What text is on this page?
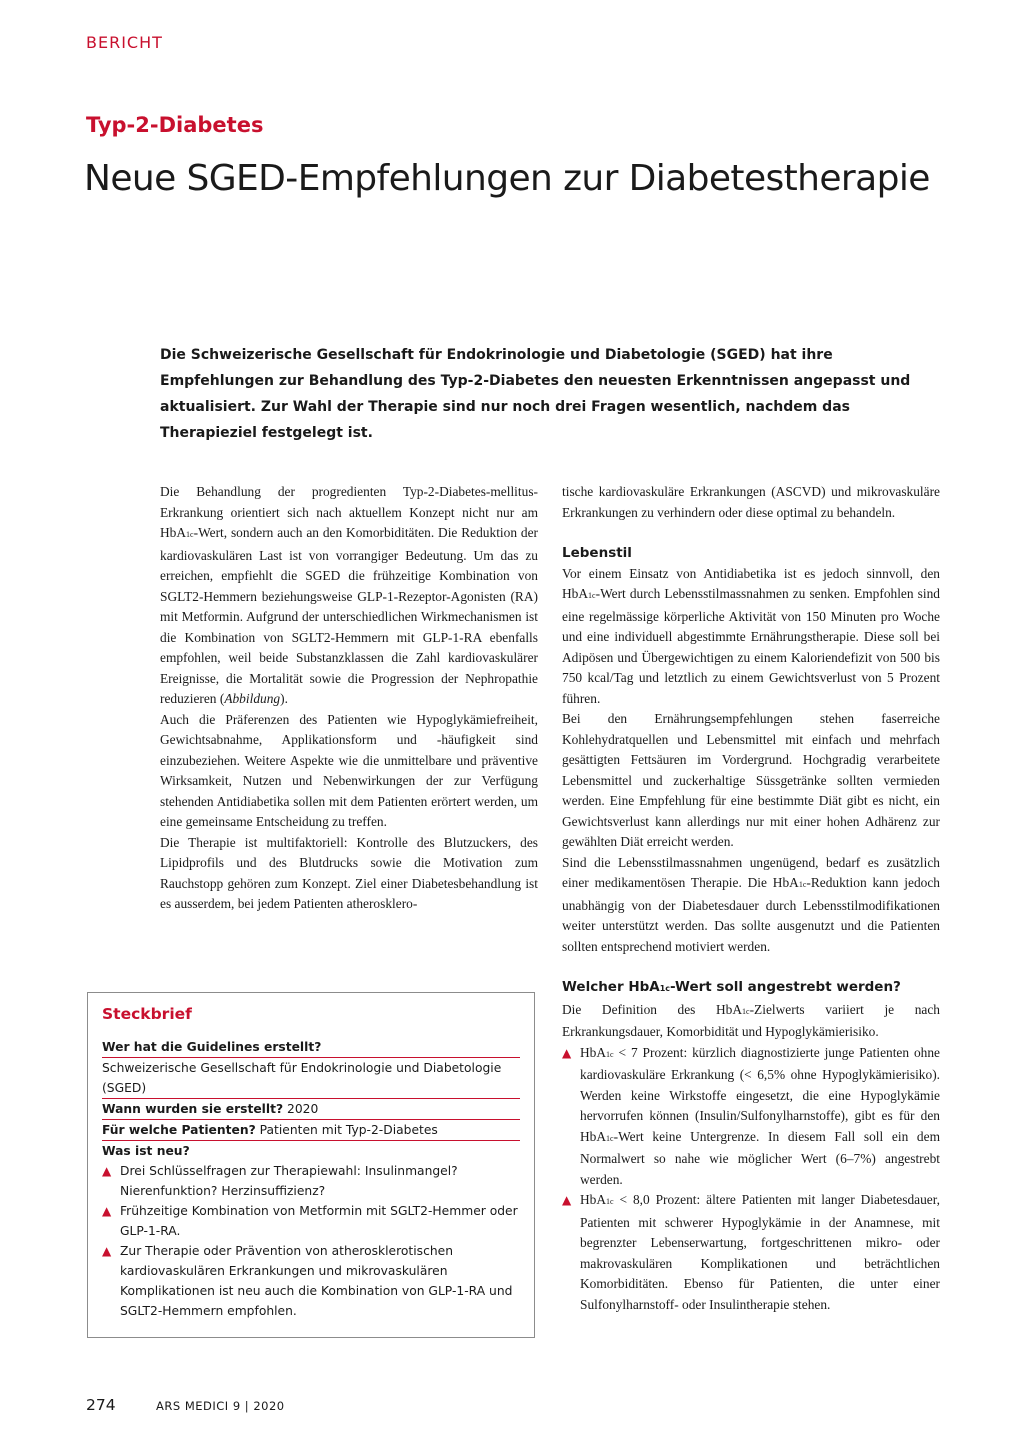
BERICHT
Typ-2-Diabetes
Neue SGED-Empfehlungen zur Diabetestherapie

Die Schweizerische Gesellschaft für Endokrinologie und Diabetologie (SGED) hat ihre Empfehlungen zur Behandlung des Typ-2-Diabetes den neuesten Erkenntnissen angepasst und aktualisiert. Zur Wahl der Therapie sind nur noch drei Fragen wesentlich, nachdem das Therapieziel festgelegt ist.

Die Behandlung der progredienten Typ-2-Diabetes-mellitus-Erkrankung orientiert sich nach aktuellem Konzept nicht nur am HbA1c-Wert, sondern auch an den Komorbiditäten. Die Reduktion der kardiovaskulären Last ist von vorrangiger Bedeutung. Um das zu erreichen, empfiehlt die SGED die frühzeitige Kombination von SGLT2-Hemmern beziehungsweise GLP-1-Rezeptor-Agonisten (RA) mit Metformin. Aufgrund der unterschiedlichen Wirkmechanismen ist die Kombination von SGLT2-Hemmern mit GLP-1-RA ebenfalls empfohlen, weil beide Substanzklassen die Zahl kardiovaskulärer Ereignisse, die Mortalität sowie die Progression der Nephropathie reduzieren (Abbildung).

Auch die Präferenzen des Patienten wie Hypoglykämiefreiheit, Gewichtsabnahme, Applikationsform und -häufigkeit sind einzubeziehen. Weitere Aspekte wie die unmittelbare und präventive Wirksamkeit, Nutzen und Nebenwirkungen der zur Verfügung stehenden Antidiabetika sollen mit dem Patienten erörtert werden, um eine gemeinsame Entscheidung zu treffen.

Die Therapie ist multifaktoriell: Kontrolle des Blutzuckers, des Lipidprofils und des Blutdrucks sowie die Motivation zum Rauchstopp gehören zum Konzept. Ziel einer Diabetesbehandlung ist es ausserdem, bei jedem Patienten atherosklero-

tische kardiovaskuläre Erkrankungen (ASCVD) und mikrovaskuläre Erkrankungen zu verhindern oder diese optimal zu behandeln.

Lebenstil

Vor einem Einsatz von Antidiabetika ist es jedoch sinnvoll, den HbA1c-Wert durch Lebensstilmassnahmen zu senken. Empfohlen sind eine regelmässige körperliche Aktivität von 150 Minuten pro Woche und eine individuell abgestimmte Ernährungstherapie. Diese soll bei Adipösen und Übergewichtigen zu einem Kaloriendefizit von 500 bis 750 kcal/Tag und letztlich zu einem Gewichtsverlust von 5 Prozent führen.

Bei den Ernährungsempfehlungen stehen faserreiche Kohlehydratquellen und Lebensmittel mit einfach und mehrfach gesättigten Fettsäuren im Vordergrund. Hochgradig verarbeitete Lebensmittel und zuckerhaltige Süssgetränke sollten vermieden werden. Eine Empfehlung für eine bestimmte Diät gibt es nicht, ein Gewichtsverlust kann allerdings nur mit einer hohen Adhärenz zur gewählten Diät erreicht werden.

Sind die Lebensstilmassnahmen ungenügend, bedarf es zusätzlich einer medikamentösen Therapie. Die HbA1c-Reduktion kann jedoch unabhängig von der Diabetesdauer durch Lebensstilmodifikationen weiter unterstützt werden. Das sollte ausgenutzt und die Patienten sollten entsprechend motiviert werden.

Welcher HbA1c-Wert soll angestrebt werden?

Die Definition des HbA1c-Zielwerts variiert je nach Erkrankungsdauer, Komorbidität und Hypoglykämierisiko.

▲ HbA1c < 7 Prozent: kürzlich diagnostizierte junge Patienten ohne kardiovaskuläre Erkrankung (< 6,5% ohne Hypoglykämierisiko). Werden keine Wirkstoffe eingesetzt, die eine Hypoglykämie hervorrufen können (Insulin/Sulfonylharnstoffe), gibt es für den HbA1c-Wert keine Untergrenze. In diesem Fall soll ein dem Normalwert so nahe wie möglicher Wert (6–7%) angestrebt werden.
▲ HbA1c < 8,0 Prozent: ältere Patienten mit langer Diabetesdauer, Patienten mit schwerer Hypoglykämie in der Anamnese, mit begrenzter Lebenserwartung, fortgeschrittenen mikro- oder makrovaskulären Komplikationen und beträchtlichen Komorbiditäten. Ebenso für Patienten, die unter einer Sulfonylharnstoff- oder Insulintherapie stehen.

Steckbrief

Wer hat die Guidelines erstellt?
Schweizerische Gesellschaft für Endokrinologie und Diabetologie (SGED)
Wann wurden sie erstellt? 2020
Für welche Patienten? Patienten mit Typ-2-Diabetes
Was ist neu?
▲ Drei Schlüsselfragen zur Therapiewahl: Insulinmangel? Nierenfunktion? Herzinsuffizienz?
▲ Frühzeitige Kombination von Metformin mit SGLT2-Hemmer oder GLP-1-RA.
▲ Zur Therapie oder Prävention von atherosklerotischen kardiovaskulären Erkrankungen und mikrovaskulären Komplikationen ist neu auch die Kombination von GLP-1-RA und SGLT2-Hemmern empfohlen.
274	ARS MEDICI 9 | 2020
